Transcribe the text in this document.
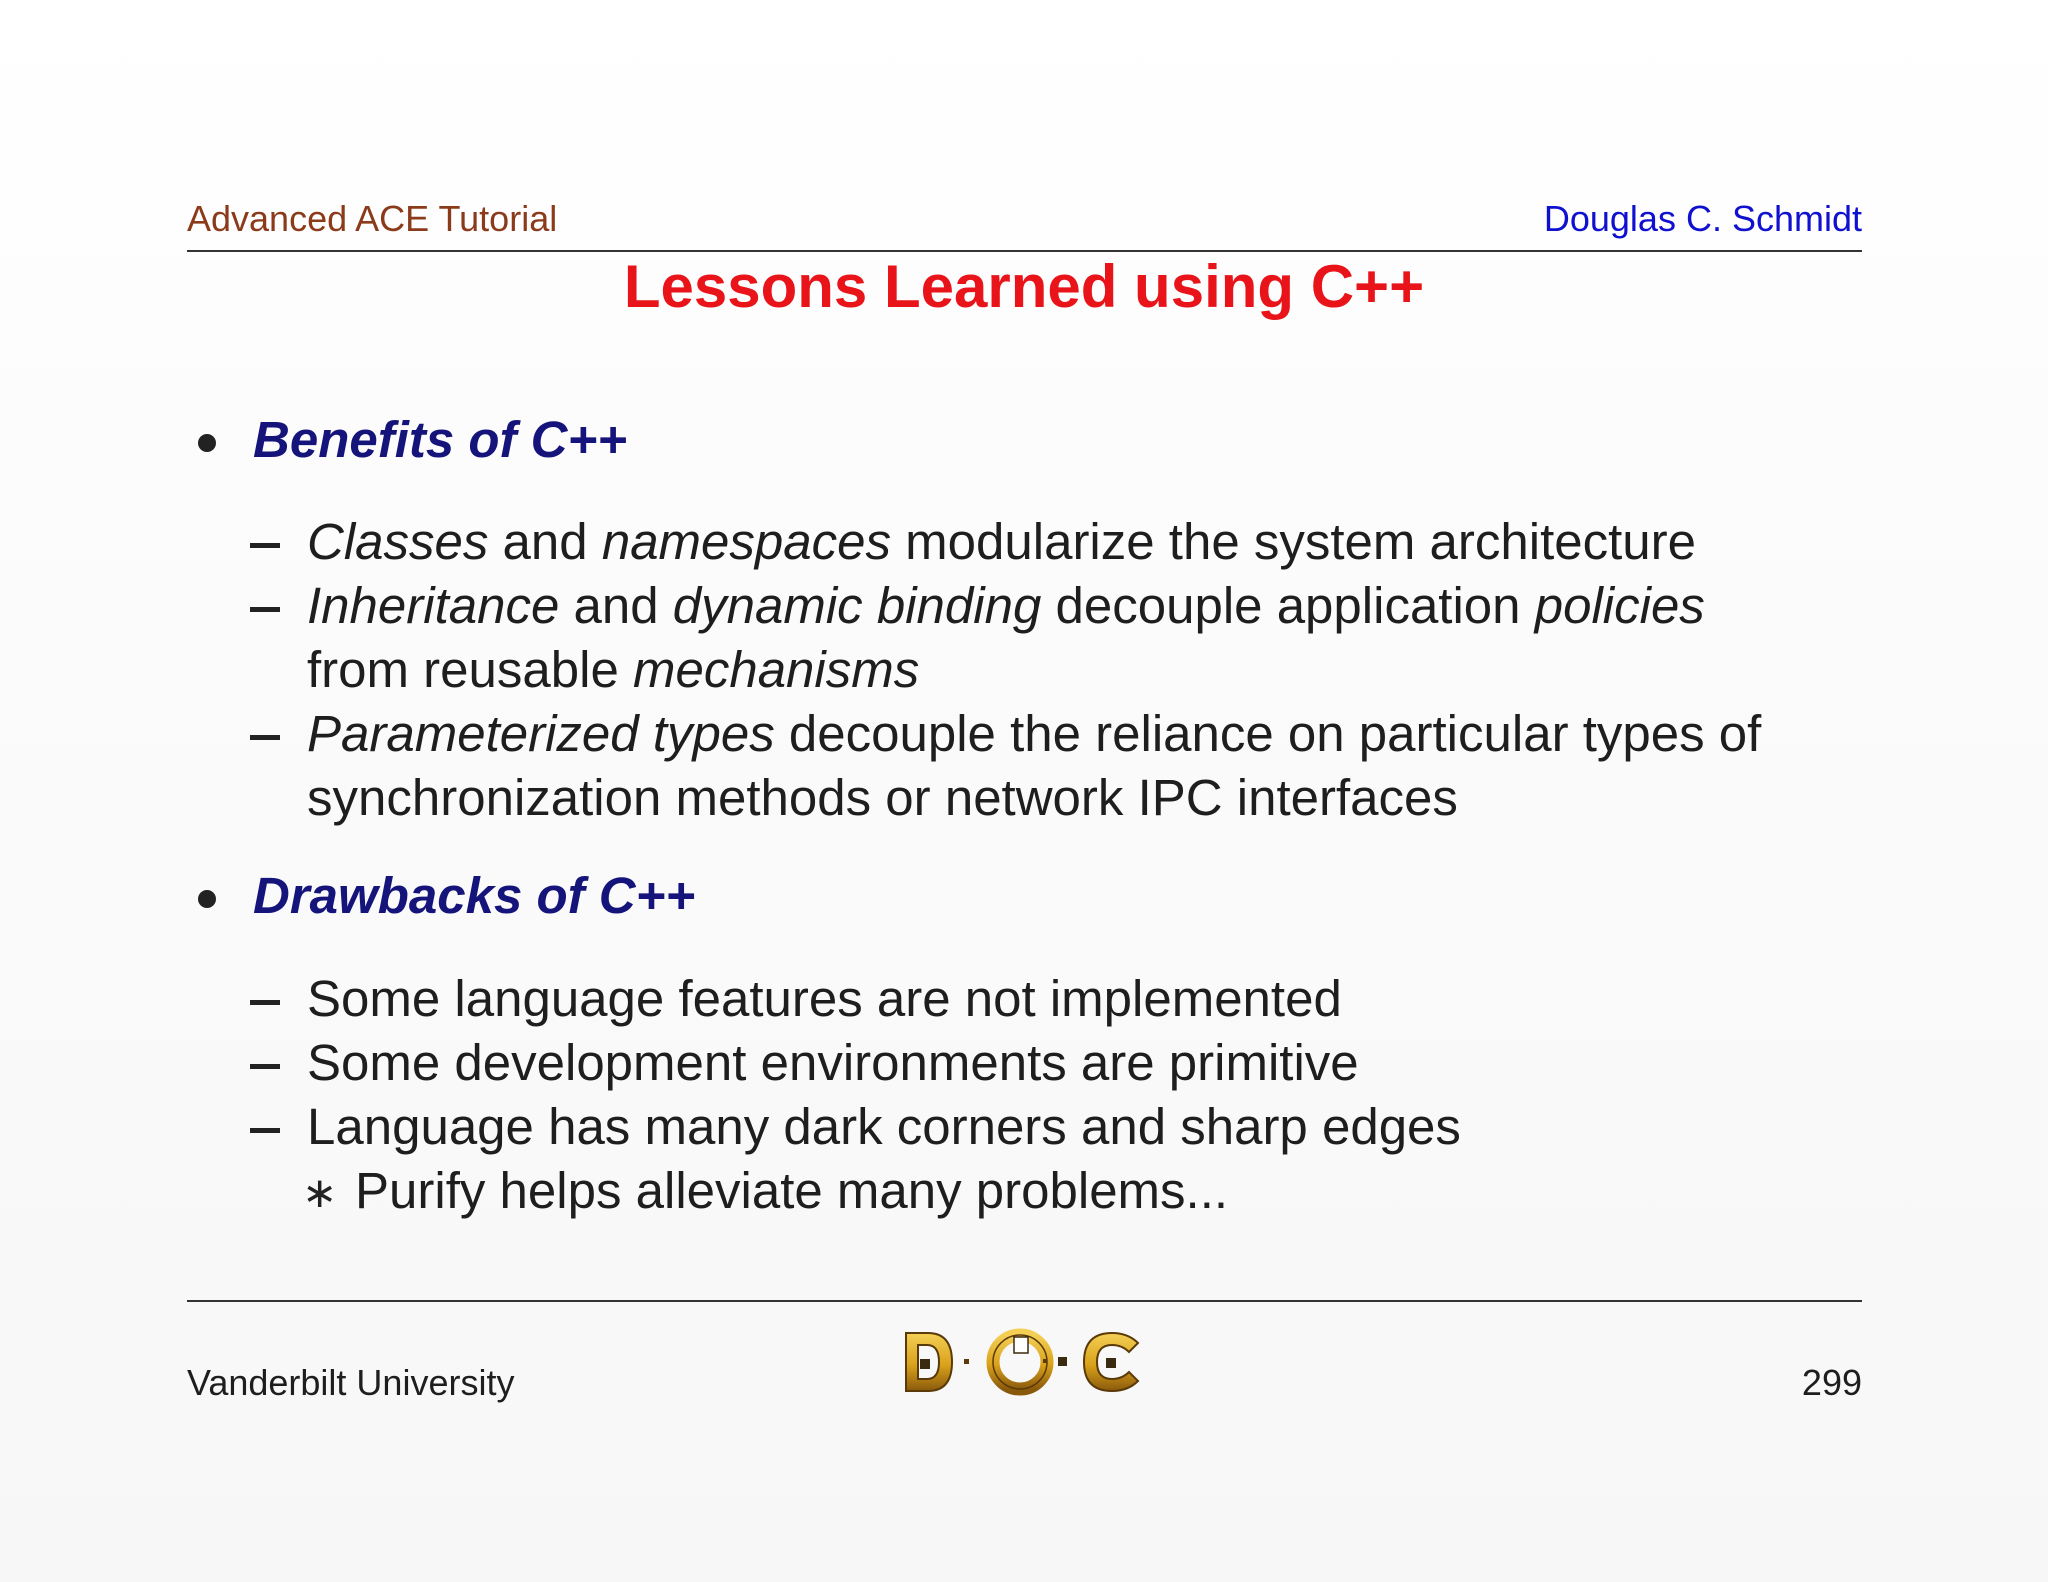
Advanced ACE Tutorial	Douglas C. Schmidt
Lessons Learned using C++
Benefits of C++
Classes and namespaces modularize the system architecture
Inheritance and dynamic binding decouple application policies
from reusable mechanisms
Parameterized types decouple the reliance on particular types of
synchronization methods or network IPC interfaces
Drawbacks of C++
Some language features are not implemented
Some development environments are primitive
Language has many dark corners and sharp edges
∗ Purify helps alleviate many problems...
Vanderbilt University	299
